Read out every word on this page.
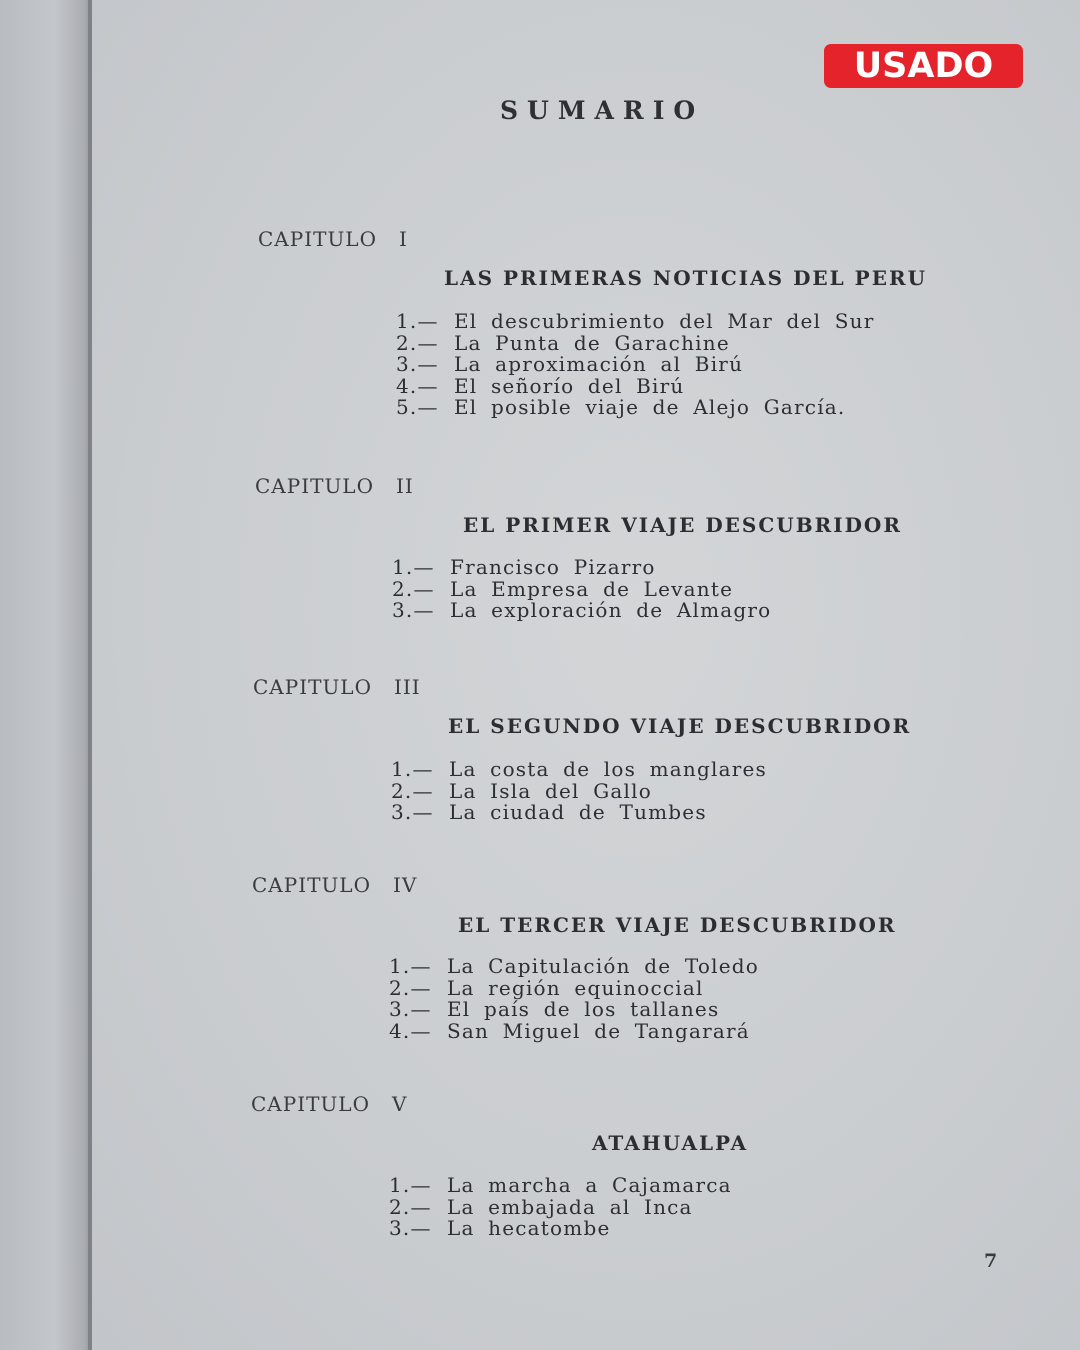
USADO
SUMARIO
CAPITULO I
LAS PRIMERAS NOTICIAS DEL PERU
1.— El descubrimiento del Mar del Sur
2.— La Punta de Garachine
3.— La aproximación al Birú
4.— El señorío del Birú
5.— El posible viaje de Alejo García.
CAPITULO II
EL PRIMER VIAJE DESCUBRIDOR
1.— Francisco Pizarro
2.— La Empresa de Levante
3.— La exploración de Almagro
CAPITULO III
EL SEGUNDO VIAJE DESCUBRIDOR
1.— La costa de los manglares
2.— La Isla del Gallo
3.— La ciudad de Tumbes
CAPITULO IV
EL TERCER VIAJE DESCUBRIDOR
1.— La Capitulación de Toledo
2.— La región equinoccial
3.— El país de los tallanes
4.— San Miguel de Tangarará
CAPITULO V
ATAHUALPA
1.— La marcha a Cajamarca
2.— La embajada al Inca
3.— La hecatombe
7
